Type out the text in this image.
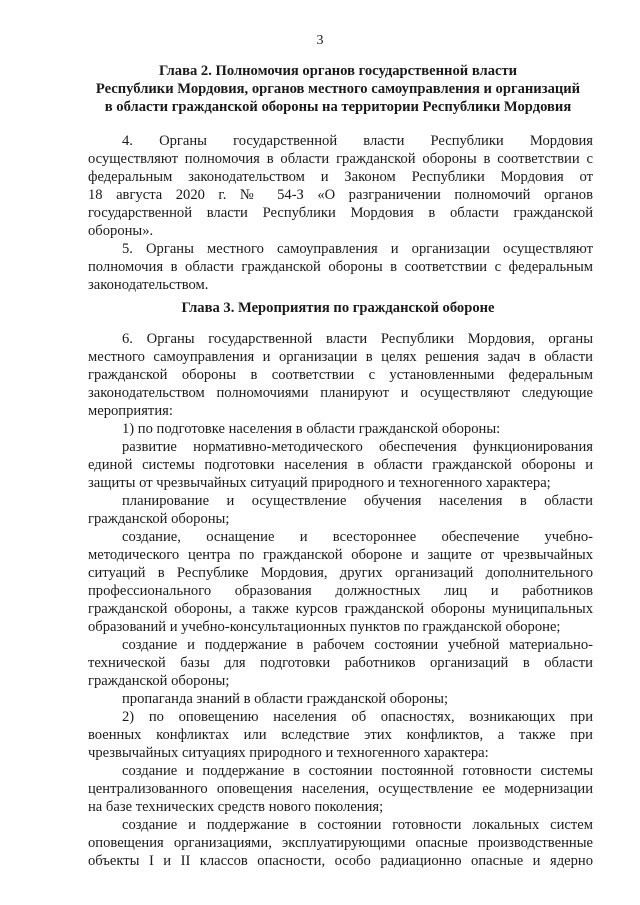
3
Глава 2. Полномочия органов государственной власти
Республики Мордовия, органов местного самоуправления и организаций
в области гражданской обороны на территории Республики Мордовия
4. Органы государственной власти Республики Мордовия
осуществляют полномочия в области гражданской обороны в соответствии с
федеральным законодательством и Законом Республики Мордовия от
18 августа 2020 г. № 54-З «О разграничении полномочий органов
государственной власти Республики Мордовия в области гражданской
обороны».
5. Органы местного самоуправления и организации осуществляют
полномочия в области гражданской обороны в соответствии с федеральным
законодательством.
Глава 3. Мероприятия по гражданской обороне
6. Органы государственной власти Республики Мордовия, органы
местного самоуправления и организации в целях решения задач в области
гражданской обороны в соответствии с установленными федеральным
законодательством полномочиями планируют и осуществляют следующие
мероприятия:
1) по подготовке населения в области гражданской обороны:
развитие нормативно-методического обеспечения функционирования
единой системы подготовки населения в области гражданской обороны и
защиты от чрезвычайных ситуаций природного и техногенного характера;
планирование и осуществление обучения населения в области
гражданской обороны;
создание, оснащение и всестороннее обеспечение учебно-
методического центра по гражданской обороне и защите от чрезвычайных
ситуаций в Республике Мордовия, других организаций дополнительного
профессионального образования должностных лиц и работников
гражданской обороны, а также курсов гражданской обороны муниципальных
образований и учебно-консультационных пунктов по гражданской обороне;
создание и поддержание в рабочем состоянии учебной материально-
технической базы для подготовки работников организаций в области
гражданской обороны;
пропаганда знаний в области гражданской обороны;
2) по оповещению населения об опасностях, возникающих при
военных конфликтах или вследствие этих конфликтов, а также при
чрезвычайных ситуациях природного и техногенного характера:
создание и поддержание в состоянии постоянной готовности системы
централизованного оповещения населения, осуществление ее модернизации
на базе технических средств нового поколения;
создание и поддержание в состоянии готовности локальных систем
оповещения организациями, эксплуатирующими опасные производственные
объекты I и II классов опасности, особо радиационно опасные и ядерно
